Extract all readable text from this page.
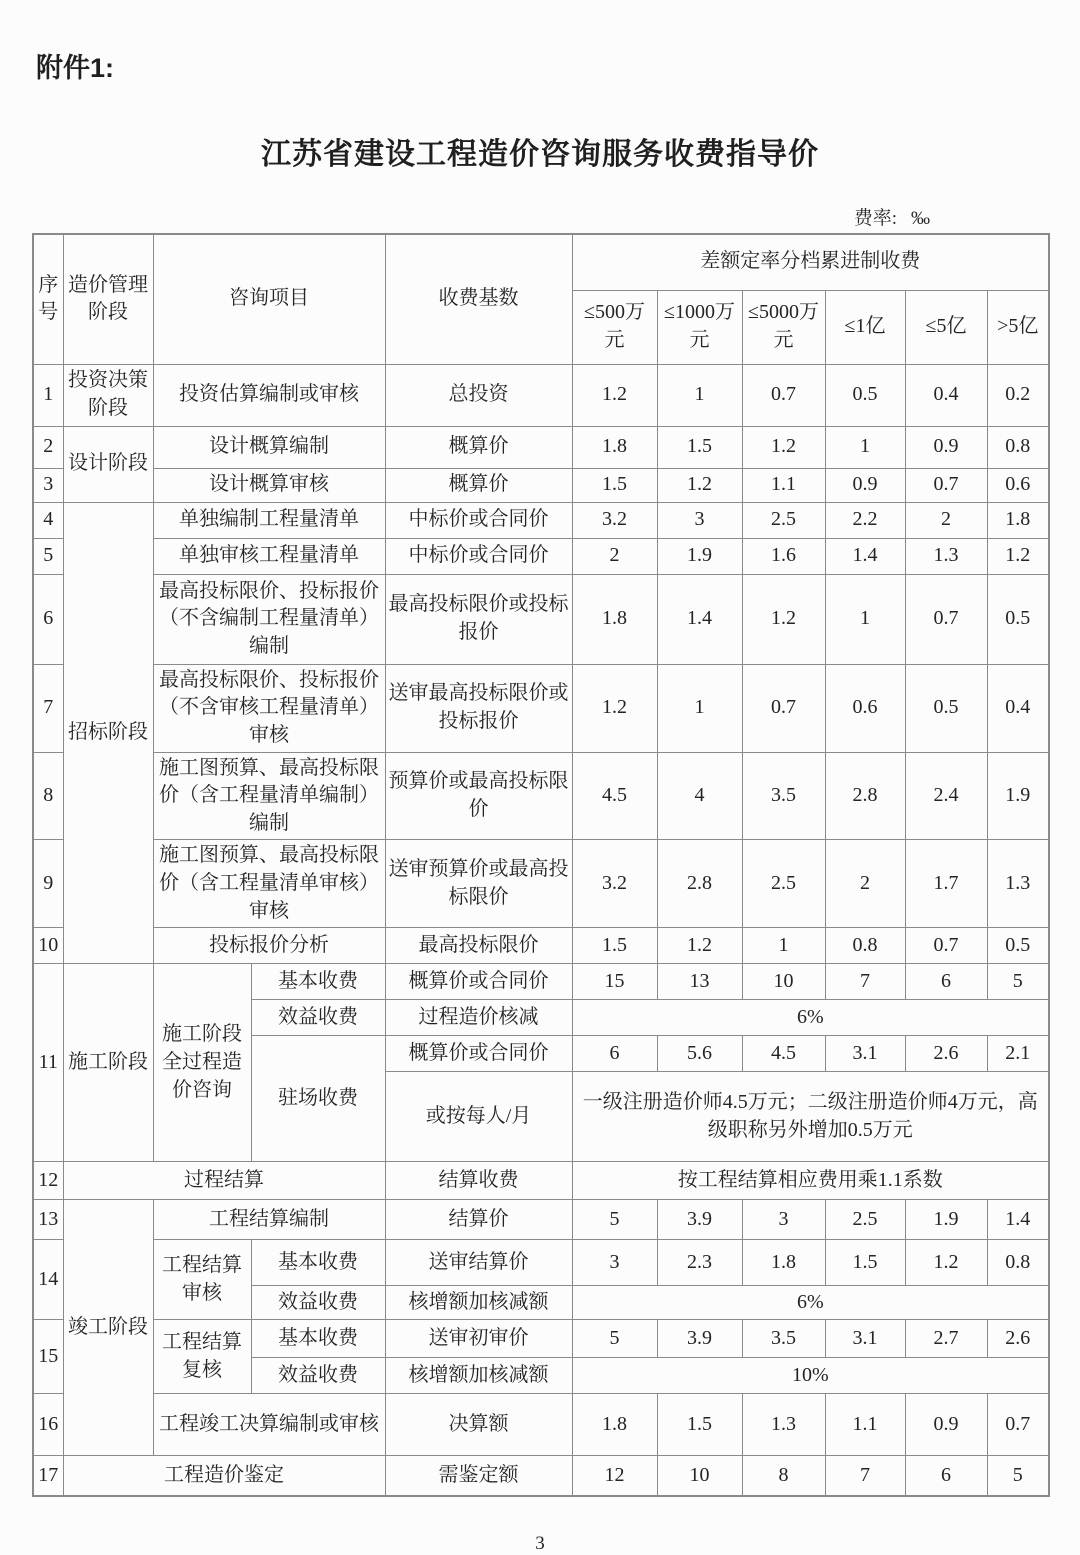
附件1:
江苏省建设工程造价咨询服务收费指导价
费率: ‰
序号	造价管理阶段	咨询项目		收费基数	差额定率分档累进制收费					
					≤500万元	≤1000万元	≤5000万元	≤1亿	≤5亿	>5亿
1	投资决策阶段	投资估算编制或审核		总投资	1.2	1	0.7	0.5	0.4	0.2
2	设计阶段	设计概算编制		概算价	1.8	1.5	1.2	1	0.9	0.8
3		设计概算审核		概算价	1.5	1.2	1.1	0.9	0.7	0.6
4	招标阶段	单独编制工程量清单		中标价或合同价	3.2	3	2.5	2.2	2	1.8
5		单独审核工程量清单		中标价或合同价	2	1.9	1.6	1.4	1.3	1.2
6		最高投标限价、投标报价（不含编制工程量清单）编制		最高投标限价或投标报价	1.8	1.4	1.2	1	0.7	0.5
7		最高投标限价、投标报价（不含审核工程量清单）审核		送审最高投标限价或投标报价	1.2	1	0.7	0.6	0.5	0.4
8		施工图预算、最高投标限价（含工程量清单编制）编制		预算价或最高投标限价	4.5	4	3.5	2.8	2.4	1.9
9		施工图预算、最高投标限价（含工程量清单审核）审核		送审预算价或最高投标限价	3.2	2.8	2.5	2	1.7	1.3
10		投标报价分析		最高投标限价	1.5	1.2	1	0.8	0.7	0.5
11	施工阶段	施工阶段全过程造价咨询	基本收费	概算价或合同价	15	13	10	7	6	5
			效益收费	过程造价核减	6%					
			驻场收费	概算价或合同价	6	5.6	4.5	3.1	2.6	2.1
				或按每人/月	一级注册造价师4.5万元；二级注册造价师4万元，高级职称另外增加0.5万元					
12	过程结算			结算收费	按工程结算相应费用乘1.1系数					
13	竣工阶段	工程结算编制		结算价	5	3.9	3	2.5	1.9	1.4
14		工程结算审核	基本收费	送审结算价	3	2.3	1.8	1.5	1.2	0.8
			效益收费	核增额加核减额	6%					
15		工程结算复核	基本收费	送审初审价	5	3.9	3.5	3.1	2.7	2.6
			效益收费	核增额加核减额	10%					
16		工程竣工决算编制或审核		决算额	1.8	1.5	1.3	1.1	0.9	0.7
17	工程造价鉴定			需鉴定额	12	10	8	7	6	5
3
